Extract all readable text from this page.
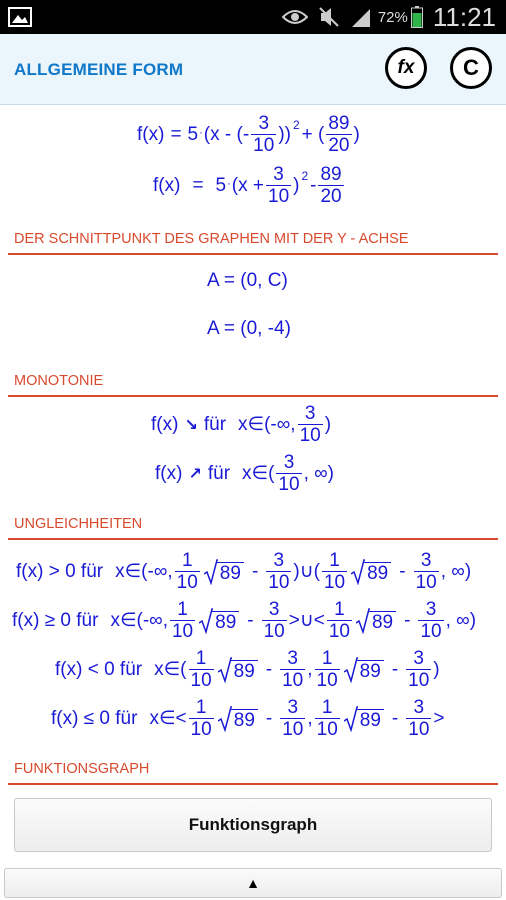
72% 11:21
ALLGEMEINE FORM	fx	C
f(x) = 5 · (x - (- $\frac{3}{10}$ )) 2 + ( $\frac{89}{20}$ )
$f(x) = 5 \cdot (x + \frac{3}{10}$ ) $2 - \frac{89}{20}$
DER SCHNITTPUNKT DES GRAPHEN MIT DER Y - ACHSE
A = (0, C)
A = (0, -4)
MONOTONIE
f(x) ↘ für x∈ (-∞, $\frac{3}{10}$ )
f(x) ↗ für x∈ ( $\frac{3}{10}$ , ∞)
UNGLEICHHEITEN
f(x) > 0 für x∈ (-∞, $\frac{1}{10} 89 - \frac{3}{10}$ )∪( $\frac{1}{10} 89 - \frac{3}{10}$ , ∞)
f(x) ≥ 0 für x∈ (-∞, $\frac{1}{10} 89 - \frac{3}{10}$ >∪< $\frac{1}{10} 89 - \frac{3}{10}$ , ∞)
f(x) < 0 für x∈ ( $\frac{1}{10} 89 - \frac{3}{10}$ , $\frac{1}{10} 89 - \frac{3}{10}$ )
f(x) ≤ 0 für x∈ < $\frac{1}{10} 89 - \frac{3}{10}$ , $\frac{1}{10} 89 - \frac{3}{10}$ >
FUNKTIONSGRAPH
Funktionsgraph
▲
